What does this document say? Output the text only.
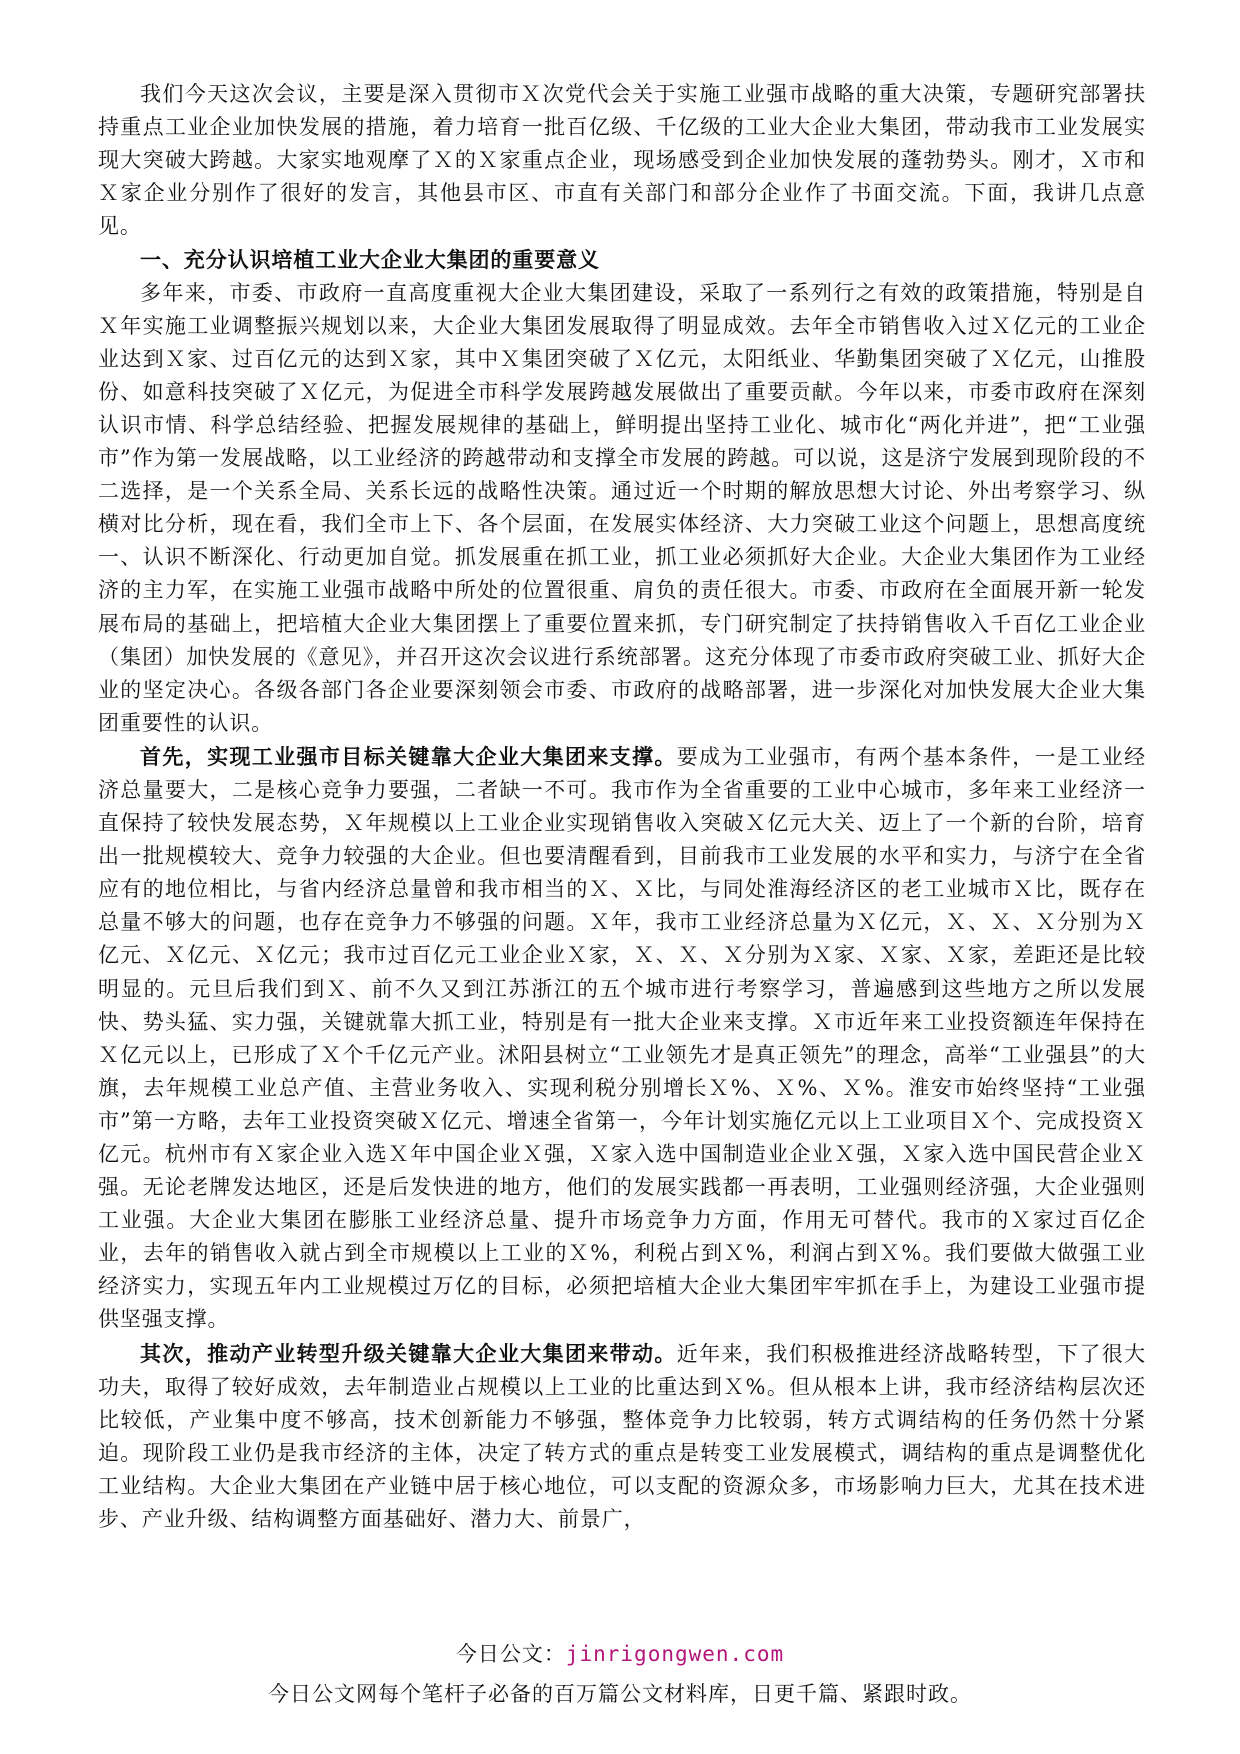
我们今天这次会议，主要是深入贯彻市Ｘ次党代会关于实施工业强市战略的重大决策，专题研究部署扶持重点工业企业加快发展的措施，着力培育一批百亿级、千亿级的工业大企业大集团，带动我市工业发展实现大突破大跨越。大家实地观摩了Ｘ的Ｘ家重点企业，现场感受到企业加快发展的蓬勃势头。刚才，Ｘ市和Ｘ家企业分别作了很好的发言，其他县市区、市直有关部门和部分企业作了书面交流。下面，我讲几点意见。

一、充分认识培植工业大企业大集团的重要意义

多年来，市委、市政府一直高度重视大企业大集团建设，采取了一系列行之有效的政策措施，特别是自Ｘ年实施工业调整振兴规划以来，大企业大集团发展取得了明显成效。去年全市销售收入过Ｘ亿元的工业企业达到Ｘ家、过百亿元的达到Ｘ家，其中Ｘ集团突破了Ｘ亿元，太阳纸业、华勤集团突破了Ｘ亿元，山推股份、如意科技突破了Ｘ亿元，为促进全市科学发展跨越发展做出了重要贡献。今年以来，市委市政府在深刻认识市情、科学总结经验、把握发展规律的基础上，鲜明提出坚持工业化、城市化“两化并进”，把“工业强市”作为第一发展战略，以工业经济的跨越带动和支撑全市发展的跨越。可以说，这是济宁发展到现阶段的不二选择，是一个关系全局、关系长远的战略性决策。通过近一个时期的解放思想大讨论、外出考察学习、纵横对比分析，现在看，我们全市上下、各个层面，在发展实体经济、大力突破工业这个问题上，思想高度统一、认识不断深化、行动更加自觉。抓发展重在抓工业，抓工业必须抓好大企业。大企业大集团作为工业经济的主力军，在实施工业强市战略中所处的位置很重、肩负的责任很大。市委、市政府在全面展开新一轮发展布局的基础上，把培植大企业大集团摆上了重要位置来抓，专门研究制定了扶持销售收入千百亿工业企业（集团）加快发展的《意见》，并召开这次会议进行系统部署。这充分体现了市委市政府突破工业、抓好大企业的坚定决心。各级各部门各企业要深刻领会市委、市政府的战略部署，进一步深化对加快发展大企业大集团重要性的认识。

首先，实现工业强市目标关键靠大企业大集团来支撑。要成为工业强市，有两个基本条件，一是工业经济总量要大，二是核心竞争力要强，二者缺一不可。我市作为全省重要的工业中心城市，多年来工业经济一直保持了较快发展态势，Ｘ年规模以上工业企业实现销售收入突破Ｘ亿元大关、迈上了一个新的台阶，培育出一批规模较大、竞争力较强的大企业。但也要清醒看到，目前我市工业发展的水平和实力，与济宁在全省应有的地位相比，与省内经济总量曾和我市相当的Ｘ、Ｘ比，与同处淮海经济区的老工业城市Ｘ比，既存在总量不够大的问题，也存在竞争力不够强的问题。Ｘ年，我市工业经济总量为Ｘ亿元，Ｘ、Ｘ、Ｘ分别为Ｘ亿元、Ｘ亿元、Ｘ亿元；我市过百亿元工业企业Ｘ家，Ｘ、Ｘ、Ｘ分别为Ｘ家、Ｘ家、Ｘ家，差距还是比较明显的。元旦后我们到Ｘ、前不久又到江苏浙江的五个城市进行考察学习，普遍感到这些地方之所以发展快、势头猛、实力强，关键就靠大抓工业，特别是有一批大企业来支撑。Ｘ市近年来工业投资额连年保持在Ｘ亿元以上，已形成了Ｘ个千亿元产业。沭阳县树立“工业领先才是真正领先”的理念，高举“工业强县”的大旗，去年规模工业总产值、主营业务收入、实现利税分别增长Ｘ%、Ｘ%、Ｘ%。淮安市始终坚持“工业强市”第一方略，去年工业投资突破Ｘ亿元、增速全省第一，今年计划实施亿元以上工业项目Ｘ个、完成投资Ｘ亿元。杭州市有Ｘ家企业入选Ｘ年中国企业Ｘ强，Ｘ家入选中国制造业企业Ｘ强，Ｘ家入选中国民营企业Ｘ强。无论老牌发达地区，还是后发快进的地方，他们的发展实践都一再表明，工业强则经济强，大企业强则工业强。大企业大集团在膨胀工业经济总量、提升市场竞争力方面，作用无可替代。我市的Ｘ家过百亿企业，去年的销售收入就占到全市规模以上工业的Ｘ%，利税占到Ｘ%，利润占到Ｘ%。我们要做大做强工业经济实力，实现五年内工业规模过万亿的目标，必须把培植大企业大集团牢牢抓在手上，为建设工业强市提供坚强支撑。

其次，推动产业转型升级关键靠大企业大集团来带动。近年来，我们积极推进经济战略转型，下了很大功夫，取得了较好成效，去年制造业占规模以上工业的比重达到Ｘ%。但从根本上讲，我市经济结构层次还比较低，产业集中度不够高，技术创新能力不够强，整体竞争力比较弱，转方式调结构的任务仍然十分紧迫。现阶段工业仍是我市经济的主体，决定了转方式的重点是转变工业发展模式，调结构的重点是调整优化工业结构。大企业大集团在产业链中居于核心地位，可以支配的资源众多，市场影响力巨大，尤其在技术进步、产业升级、结构调整方面基础好、潜力大、前景广，

今日公文：jinrigongwen.com
今日公文网每个笔杆子必备的百万篇公文材料库，日更千篇、紧跟时政。
